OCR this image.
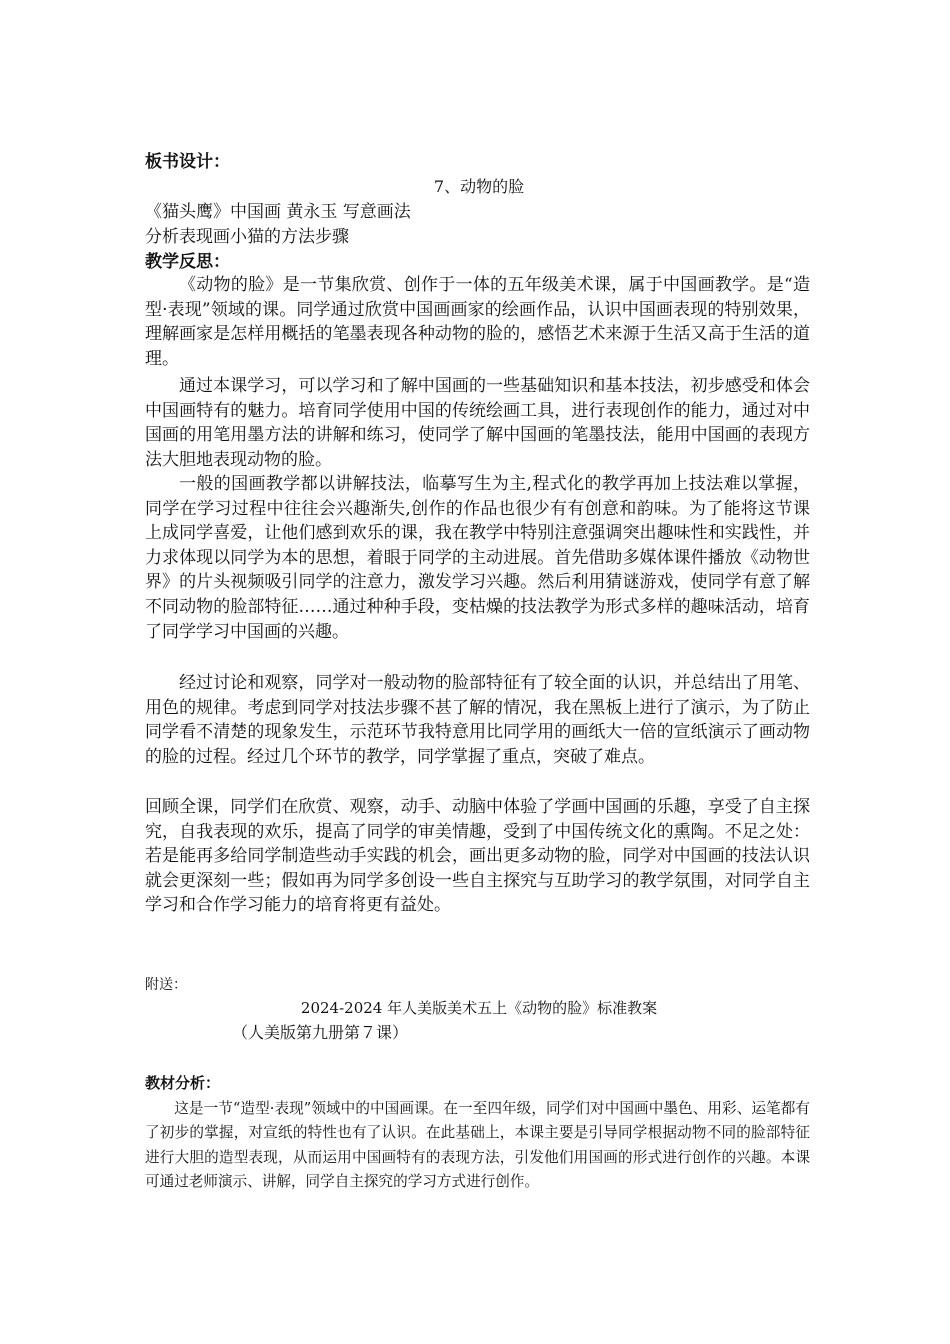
板书设计：
7、动物的脸
《猫头鹰》中国画 黄永玉 写意画法
分析表现画小猫的方法步骤
教学反思：

《动物的脸》是一节集欣赏、创作于一体的五年级美术课，属于中国画教学。是“造型·表现”领域的课。同学通过欣赏中国画画家的绘画作品，认识中国画表现的特别效果，理解画家是怎样用概括的笔墨表现各种动物的脸的，感悟艺术来源于生活又高于生活的道理。

通过本课学习，可以学习和了解中国画的一些基础知识和基本技法，初步感受和体会中国画特有的魅力。培育同学使用中国的传统绘画工具，进行表现创作的能力，通过对中国画的用笔用墨方法的讲解和练习，使同学了解中国画的笔墨技法，能用中国画的表现方法大胆地表现动物的脸。

一般的国画教学都以讲解技法，临摹写生为主,程式化的教学再加上技法难以掌握，同学在学习过程中往往会兴趣渐失,创作的作品也很少有有创意和韵味。为了能将这节课上成同学喜爱，让他们感到欢乐的课，我在教学中特别注意强调突出趣味性和实践性，并力求体现以同学为本的思想，着眼于同学的主动进展。首先借助多媒体课件播放《动物世界》的片头视频吸引同学的注意力，激发学习兴趣。然后利用猜谜游戏，使同学有意了解不同动物的脸部特征……通过种种手段，变枯燥的技法教学为形式多样的趣味活动，培育了同学学习中国画的兴趣。

经过讨论和观察，同学对一般动物的脸部特征有了较全面的认识，并总结出了用笔、用色的规律。考虑到同学对技法步骤不甚了解的情况，我在黑板上进行了演示，为了防止同学看不清楚的现象发生，示范环节我特意用比同学用的画纸大一倍的宣纸演示了画动物的脸的过程。经过几个环节的教学，同学掌握了重点，突破了难点。

回顾全课，同学们在欣赏、观察，动手、动脑中体验了学画中国画的乐趣，享受了自主探究，自我表现的欢乐，提高了同学的审美情趣，受到了中国传统文化的熏陶。不足之处：若是能再多给同学制造些动手实践的机会，画出更多动物的脸，同学对中国画的技法认识就会更深刻一些；假如再为同学多创设一些自主探究与互助学习的教学氛围，对同学自主学习和合作学习能力的培育将更有益处。

附送：
2024-2024 年人美版美术五上《动物的脸》标准教案
（人美版第九册第７课）
教材分析：

这是一节“造型·表现”领域中的中国画课。在一至四年级，同学们对中国画中墨色、用彩、运笔都有了初步的掌握，对宣纸的特性也有了认识。在此基础上，本课主要是引导同学根据动物不同的脸部特征进行大胆的造型表现，从而运用中国画特有的表现方法，引发他们用国画的形式进行创作的兴趣。本课可通过老师演示、讲解，同学自主探究的学习方式进行创作。
